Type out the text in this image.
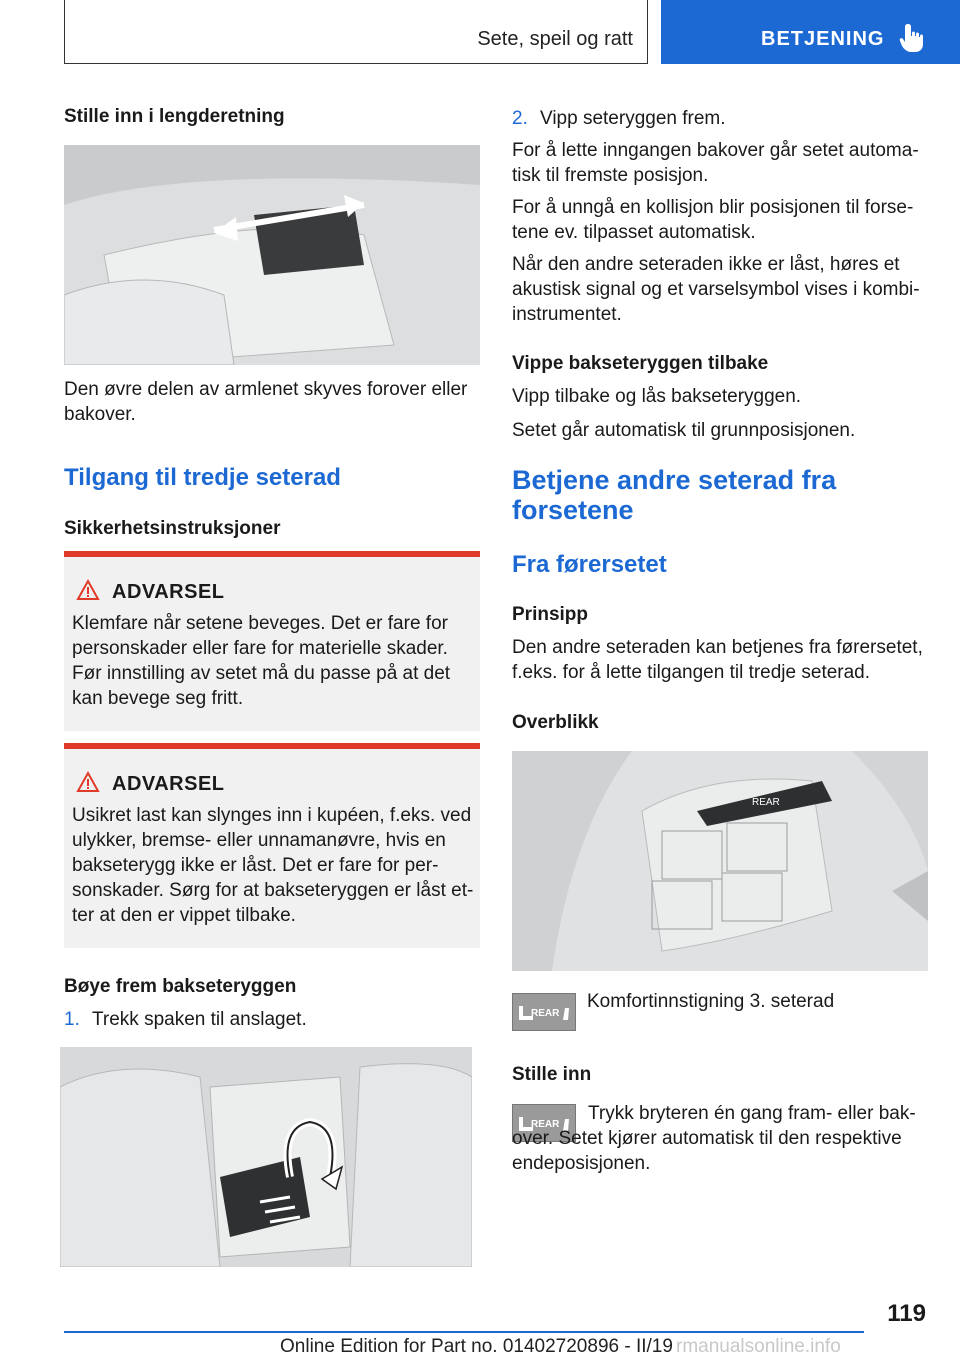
Sete, speil og ratt	BETJENING

Stille inn i lengderetning

Den øvre delen av armlenet skyves forover eller bakover.

Tilgang til tredje seterad

Sikkerhetsinstruksjoner

ADVARSEL
Klemfare når setene beveges. Det er fare for personskader eller fare for materielle skader. Før innstilling av setet må du passe på at det kan bevege seg fritt.
ADVARSEL
Usikret last kan slynges inn i kupéen, f.eks. ved ulykker, bremse- eller unnamanøvre, hvis en bakseterygg ikke er låst. Det er fare for personskader. Sørg for at bakseteryggen er låst etter at den er vippet tilbake.

Bøye frem bakseteryggen

1. Trekk spaken til anslaget.

2. Vipp seteryggen frem.

For å lette inngangen bakover går setet automatisk til fremste posisjon.

For å unngå en kollisjon blir posisjonen til forsetene ev. tilpasset automatisk.

Når den andre seteraden ikke er låst, høres et akustisk signal og et varselsymbol vises i kombiinstrumentet.

Vippe bakseteryggen tilbake

Vipp tilbake og lås bakseteryggen.

Setet går automatisk til grunnposisjonen.

Betjene andre seterad fra forsetene

Fra førersetet

Prinsipp

Den andre seteraden kan betjenes fra førersetet, f.eks. for å lette tilgangen til tredje seterad.

Overblikk

REAR
REAR

Komfortinnstigning 3. seterad

Stille inn

REAR

Trykk bryteren én gang fram- eller bakover. Setet kjører automatisk til den respektive endeposisjonen.

119
Online Edition for Part no. 01402720896 - II/19 rmanualsonline.info
